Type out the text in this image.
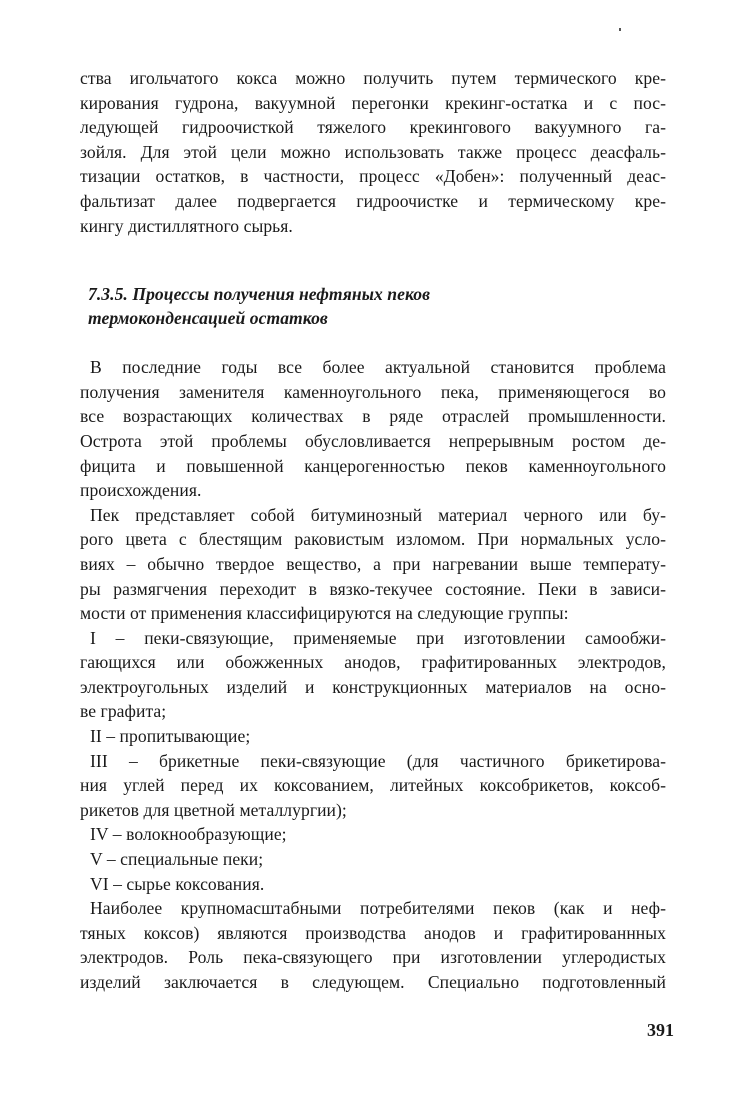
ства игольчатого кокса можно получить путем термического кре-
кирования гудрона, вакуумной перегонки крекинг-остатка и с пос-
ледующей гидроочисткой тяжелого крекингового вакуумного га-
зойля. Для этой цели можно использовать также процесс деасфаль-
тизации остатков, в частности, процесс «Добен»: полученный деас-
фальтизат далее подвергается гидроочистке и термическому кре-
кингу дистиллятного сырья.
7.3.5. Процессы получения нефтяных пеков
термоконденсацией остатков
В последние годы все более актуальной становится проблема
получения заменителя каменноугольного пека, применяющегося во
все возрастающих количествах в ряде отраслей промышленности.
Острота этой проблемы обусловливается непрерывным ростом де-
фицита и повышенной канцерогенностью пеков каменноугольного
происхождения.
Пек представляет собой битуминозный материал черного или бу-
рого цвета с блестящим раковистым изломом. При нормальных усло-
виях – обычно твердое вещество, а при нагревании выше температу-
ры размягчения переходит в вязко-текучее состояние. Пеки в зависи-
мости от применения классифицируются на следующие группы:
I – пеки-связующие, применяемые при изготовлении самообжи-
гающихся или обожженных анодов, графитированных электродов,
электроугольных изделий и конструкционных материалов на осно-
ве графита;
II – пропитывающие;
III – брикетные пеки-связующие (для частичного брикетирова-
ния углей перед их коксованием, литейных коксобрикетов, коксоб-
рикетов для цветной металлургии);
IV – волокнообразующие;
V – специальные пеки;
VI – сырье коксования.
Наиболее крупномасштабными потребителями пеков (как и неф-
тяных коксов) являются производства анодов и графитированнных
электродов. Роль пека-связующего при изготовлении углеродистых
изделий заключается в следующем. Специально подготовленный
391
